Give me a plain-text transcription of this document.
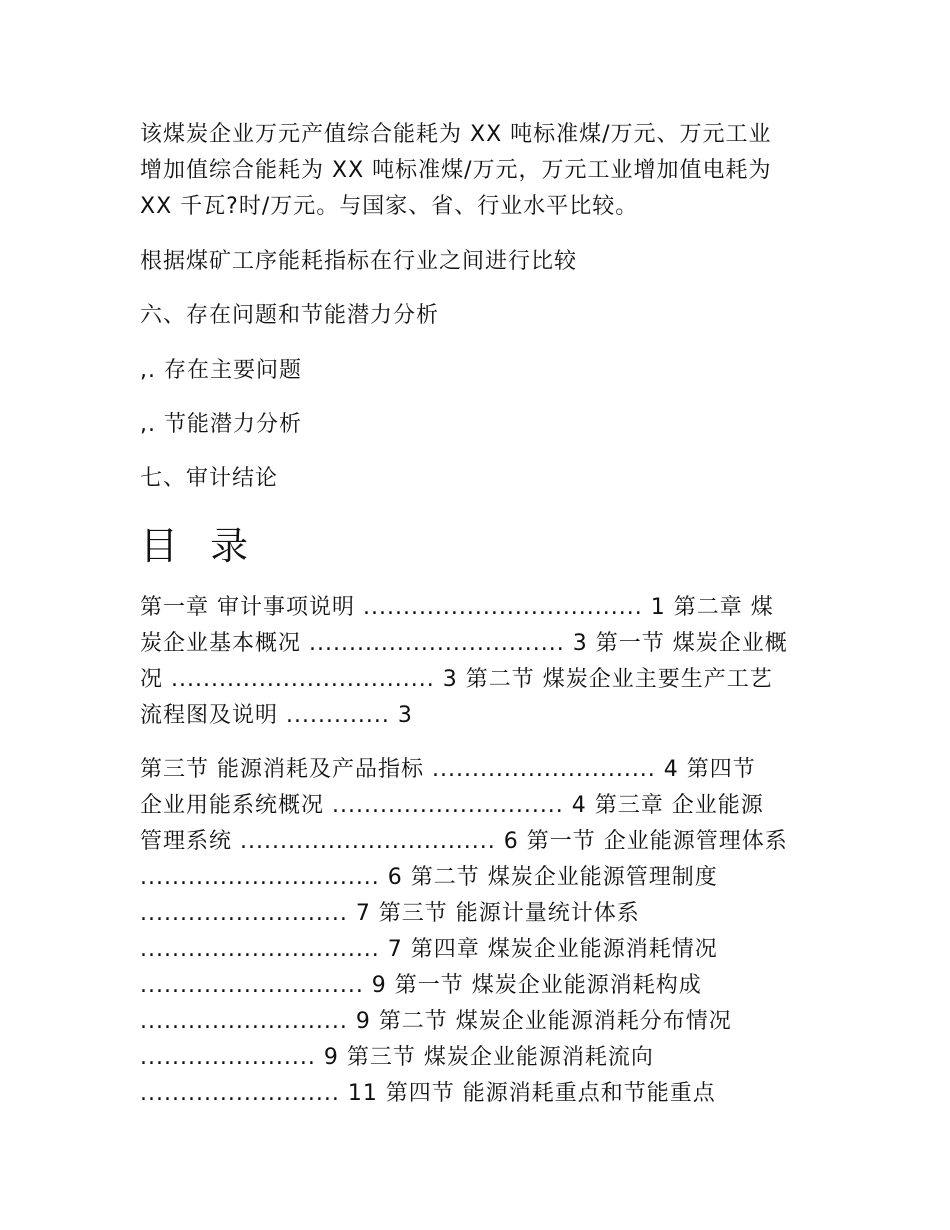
该煤炭企业万元产值综合能耗为 XX 吨标准煤/万元、万元工业
增加值综合能耗为 XX 吨标准煤/万元，万元工业增加值电耗为
XX 千瓦?时/万元。与国家、省、行业水平比较。
根据煤矿工序能耗指标在行业之间进行比较
六、存在问题和节能潜力分析
,. 存在主要问题
,. 节能潜力分析
七、审计结论
目 录
第一章 审计事项说明 ................................... 1 第二章 煤
炭企业基本概况 ................................ 3 第一节 煤炭企业概
况 ................................. 3 第二节 煤炭企业主要生产工艺
流程图及说明 ............. 3
第三节 能源消耗及产品指标 ............................ 4 第四节
企业用能系统概况 ............................. 4 第三章 企业能源
管理系统 ................................ 6 第一节 企业能源管理体系
.............................. 6 第二节 煤炭企业能源管理制度
.......................... 7 第三节 能源计量统计体系
.............................. 7 第四章 煤炭企业能源消耗情况
............................ 9 第一节 煤炭企业能源消耗构成
.......................... 9 第二节 煤炭企业能源消耗分布情况
...................... 9 第三节 煤炭企业能源消耗流向
......................... 11 第四节 能源消耗重点和节能重点
